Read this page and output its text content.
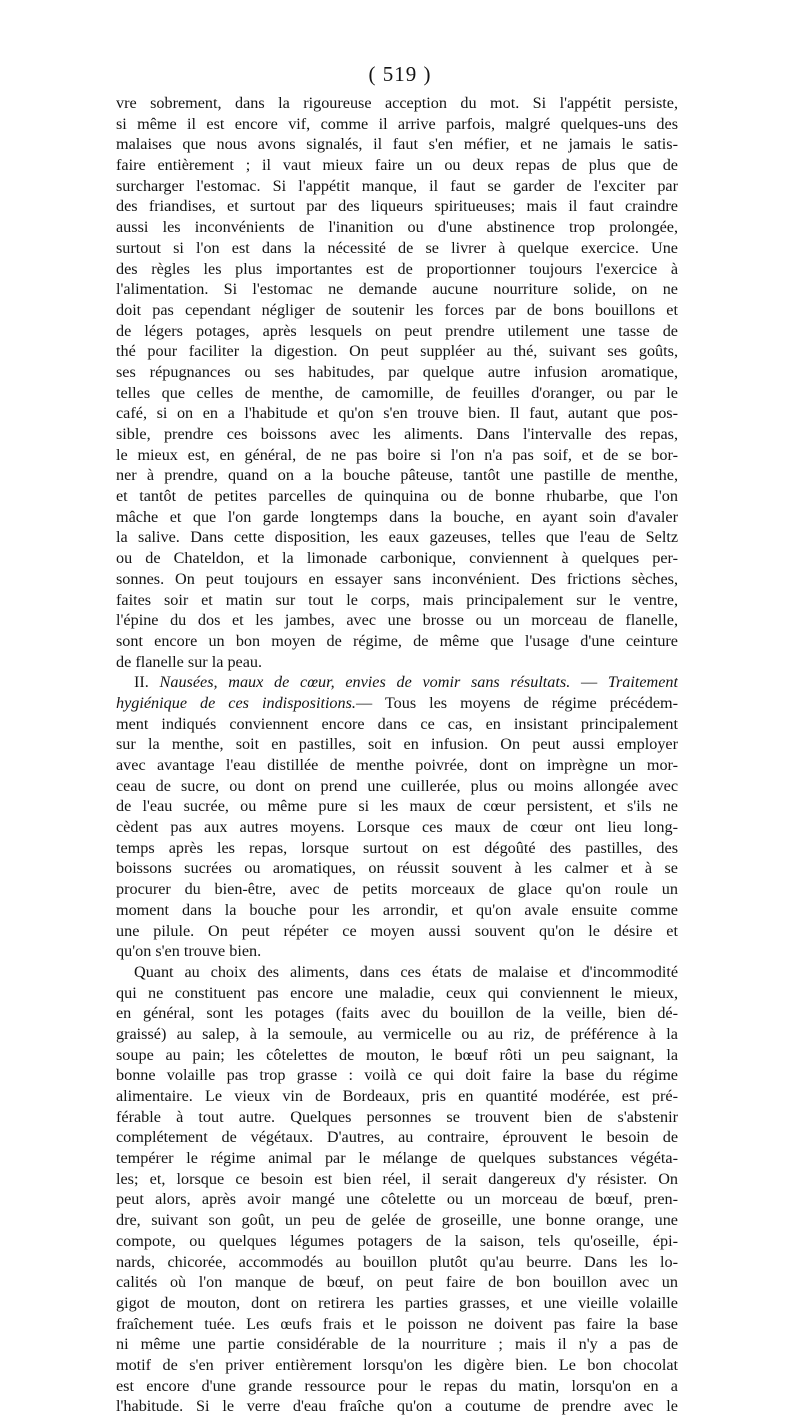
( 519 )
vre sobrement, dans la rigoureuse acception du mot. Si l'appétit persiste,
si même il est encore vif, comme il arrive parfois, malgré quelques-uns des
malaises que nous avons signalés, il faut s'en méfier, et ne jamais le satis-
faire entièrement ; il vaut mieux faire un ou deux repas de plus que de
surcharger l'estomac. Si l'appétit manque, il faut se garder de l'exciter par
des friandises, et surtout par des liqueurs spiritueuses; mais il faut craindre
aussi les inconvénients de l'inanition ou d'une abstinence trop prolongée,
surtout si l'on est dans la nécessité de se livrer à quelque exercice. Une
des règles les plus importantes est de proportionner toujours l'exercice à
l'alimentation. Si l'estomac ne demande aucune nourriture solide, on ne
doit pas cependant négliger de soutenir les forces par de bons bouillons et
de légers potages, après lesquels on peut prendre utilement une tasse de
thé pour faciliter la digestion. On peut suppléer au thé, suivant ses goûts,
ses répugnances ou ses habitudes, par quelque autre infusion aromatique,
telles que celles de menthe, de camomille, de feuilles d'oranger, ou par le
café, si on en a l'habitude et qu'on s'en trouve bien. Il faut, autant que pos-
sible, prendre ces boissons avec les aliments. Dans l'intervalle des repas,
le mieux est, en général, de ne pas boire si l'on n'a pas soif, et de se bor-
ner à prendre, quand on a la bouche pâteuse, tantôt une pastille de menthe,
et tantôt de petites parcelles de quinquina ou de bonne rhubarbe, que l'on
mâche et que l'on garde longtemps dans la bouche, en ayant soin d'avaler
la salive. Dans cette disposition, les eaux gazeuses, telles que l'eau de Seltz
ou de Chateldon, et la limonade carbonique, conviennent à quelques per-
sonnes. On peut toujours en essayer sans inconvénient. Des frictions sèches,
faites soir et matin sur tout le corps, mais principalement sur le ventre,
l'épine du dos et les jambes, avec une brosse ou un morceau de flanelle,
sont encore un bon moyen de régime, de même que l'usage d'une ceinture
de flanelle sur la peau.
II. Nausées, maux de cœur, envies de vomir sans résultats. — Traitement
hygiénique de ces indispositions.— Tous les moyens de régime précédem-
ment indiqués conviennent encore dans ce cas, en insistant principalement
sur la menthe, soit en pastilles, soit en infusion. On peut aussi employer
avec avantage l'eau distillée de menthe poivrée, dont on imprègne un mor-
ceau de sucre, ou dont on prend une cuillerée, plus ou moins allongée avec
de l'eau sucrée, ou même pure si les maux de cœur persistent, et s'ils ne
cèdent pas aux autres moyens. Lorsque ces maux de cœur ont lieu long-
temps après les repas, lorsque surtout on est dégoûté des pastilles, des
boissons sucrées ou aromatiques, on réussit souvent à les calmer et à se
procurer du bien-être, avec de petits morceaux de glace qu'on roule un
moment dans la bouche pour les arrondir, et qu'on avale ensuite comme
une pilule. On peut répéter ce moyen aussi souvent qu'on le désire et
qu'on s'en trouve bien.
Quant au choix des aliments, dans ces états de malaise et d'incommodité
qui ne constituent pas encore une maladie, ceux qui conviennent le mieux,
en général, sont les potages (faits avec du bouillon de la veille, bien dé-
graissé) au salep, à la semoule, au vermicelle ou au riz, de préférence à la
soupe au pain; les côtelettes de mouton, le bœuf rôti un peu saignant, la
bonne volaille pas trop grasse : voilà ce qui doit faire la base du régime
alimentaire. Le vieux vin de Bordeaux, pris en quantité modérée, est pré-
férable à tout autre. Quelques personnes se trouvent bien de s'abstenir
complétement de végétaux. D'autres, au contraire, éprouvent le besoin de
tempérer le régime animal par le mélange de quelques substances végéta-
les; et, lorsque ce besoin est bien réel, il serait dangereux d'y résister. On
peut alors, après avoir mangé une côtelette ou un morceau de bœuf, pren-
dre, suivant son goût, un peu de gelée de groseille, une bonne orange, une
compote, ou quelques légumes potagers de la saison, tels qu'oseille, épi-
nards, chicorée, accommodés au bouillon plutôt qu'au beurre. Dans les lo-
calités où l'on manque de bœuf, on peut faire de bon bouillon avec un
gigot de mouton, dont on retirera les parties grasses, et une vieille volaille
fraîchement tuée. Les œufs frais et le poisson ne doivent pas faire la base
ni même une partie considérable de la nourriture ; mais il n'y a pas de
motif de s'en priver entièrement lorsqu'on les digère bien. Le bon chocolat
est encore d'une grande ressource pour le repas du matin, lorsqu'on en a
l'habitude. Si le verre d'eau fraîche qu'on a coutume de prendre avec le
